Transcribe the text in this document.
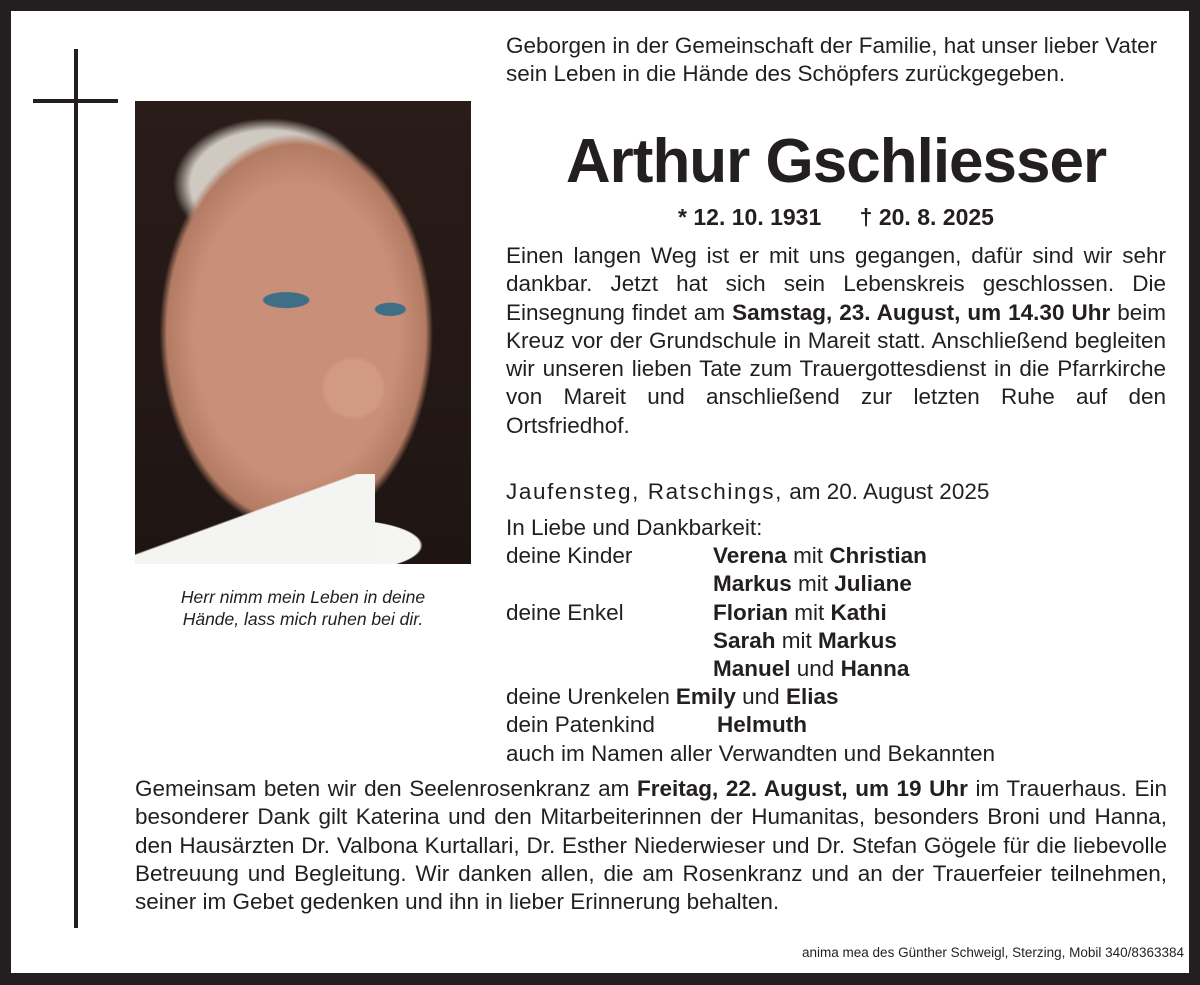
Herr nimm mein Leben in deine
Hände, lass mich ruhen bei dir.
Geborgen in der Gemeinschaft der Familie, hat unser lieber Vater sein Leben in die Hände des Schöpfers zurückgegeben.
Arthur Gschliesser
* 12. 10. 1931 † 20. 8. 2025
Einen langen Weg ist er mit uns gegangen, dafür sind wir sehr dankbar. Jetzt hat sich sein Lebenskreis geschlossen. Die Einsegnung findet am Samstag, 23. August, um 14.30 Uhr beim Kreuz vor der Grundschule in Mareit statt. Anschließend begleiten wir unseren lieben Tate zum Trauergottesdienst in die Pfarrkirche von Mareit und anschließend zur letzten Ruhe auf den Ortsfriedhof.
Jaufensteg, Ratschings, am 20. August 2025
In Liebe und Dankbarkeit:
deine Kinder	Verena mit Christian
Markus mit Juliane
deine Enkel	Florian mit Kathi
Sarah mit Markus
Manuel und Hanna
deine Urenkelen Emily und Elias
dein Patenkind	Helmuth
auch im Namen aller Verwandten und Bekannten
Gemeinsam beten wir den Seelenrosenkranz am Freitag, 22. August, um 19 Uhr im Trauerhaus. Ein besonderer Dank gilt Katerina und den Mitarbeiterinnen der Humanitas, besonders Broni und Hanna, den Hausärzten Dr. Valbona Kurtallari, Dr. Esther Niederwieser und Dr. Stefan Gögele für die liebevolle Betreuung und Begleitung. Wir danken allen, die am Rosenkranz und an der Trauerfeier teilnehmen, seiner im Gebet gedenken und ihn in lieber Erinnerung behalten.
anima mea des Günther Schweigl, Sterzing, Mobil 340/8363384
